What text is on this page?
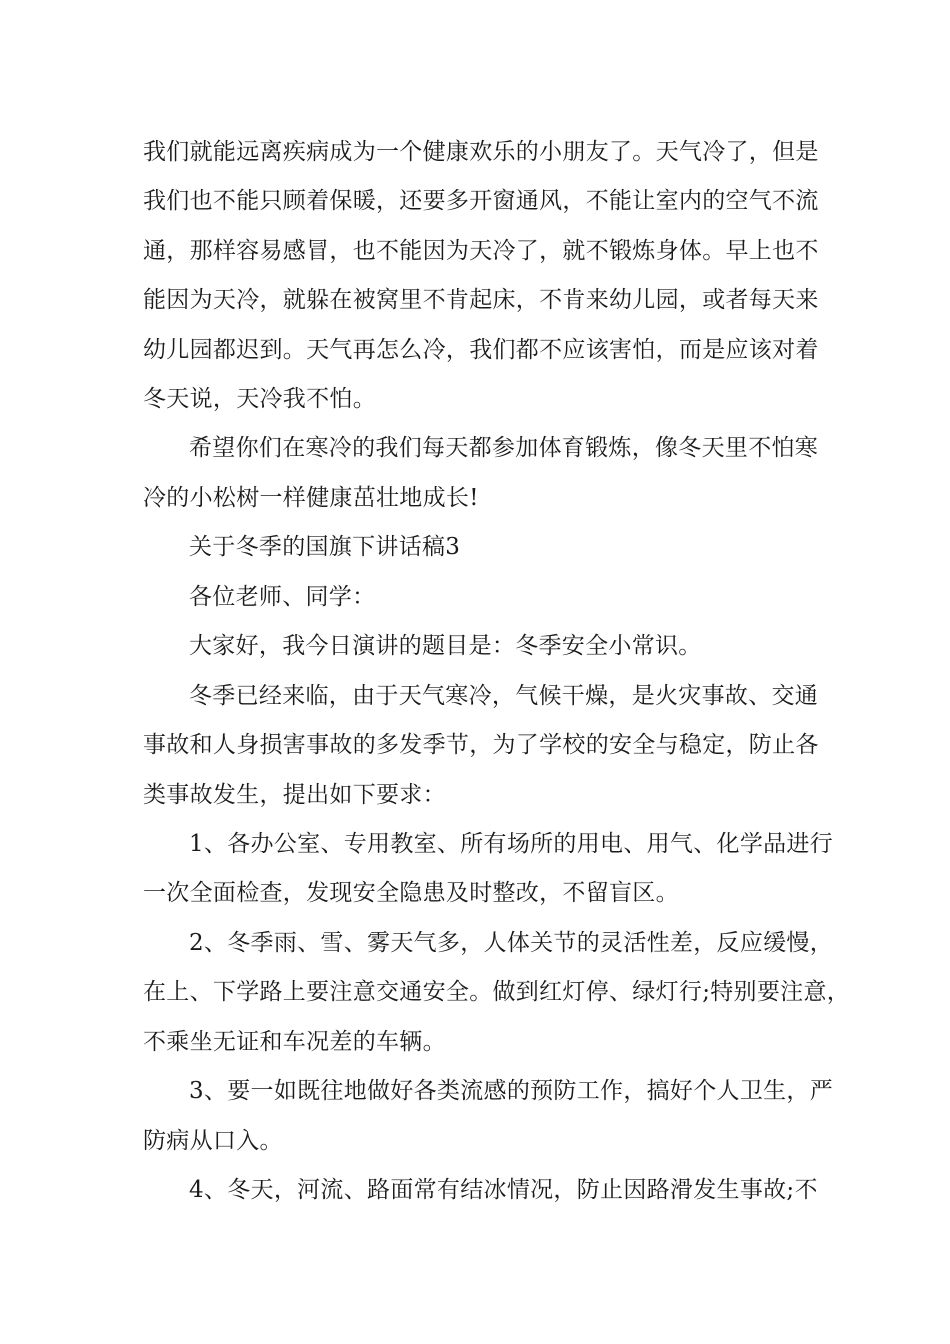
我们就能远离疾病成为一个健康欢乐的小朋友了。天气冷了，但是
我们也不能只顾着保暖，还要多开窗通风，不能让室内的空气不流
通，那样容易感冒，也不能因为天冷了，就不锻炼身体。早上也不
能因为天冷，就躲在被窝里不肯起床，不肯来幼儿园，或者每天来
幼儿园都迟到。天气再怎么冷，我们都不应该害怕，而是应该对着
冬天说，天冷我不怕。
希望你们在寒冷的我们每天都参加体育锻炼，像冬天里不怕寒
冷的小松树一样健康茁壮地成长!
关于冬季的国旗下讲话稿3
各位老师、同学：
大家好，我今日演讲的题目是：冬季安全小常识。
冬季已经来临，由于天气寒冷，气候干燥，是火灾事故、交通
事故和人身损害事故的多发季节，为了学校的安全与稳定，防止各
类事故发生，提出如下要求：
1、各办公室、专用教室、所有场所的用电、用气、化学品进行
一次全面检查，发现安全隐患及时整改，不留盲区。
2、冬季雨、雪、雾天气多，人体关节的灵活性差，反应缓慢，
在上、下学路上要注意交通安全。做到红灯停、绿灯行;特别要注意，
不乘坐无证和车况差的车辆。
3、要一如既往地做好各类流感的预防工作，搞好个人卫生，严
防病从口入。
4、冬天，河流、路面常有结冰情况，防止因路滑发生事故;不
